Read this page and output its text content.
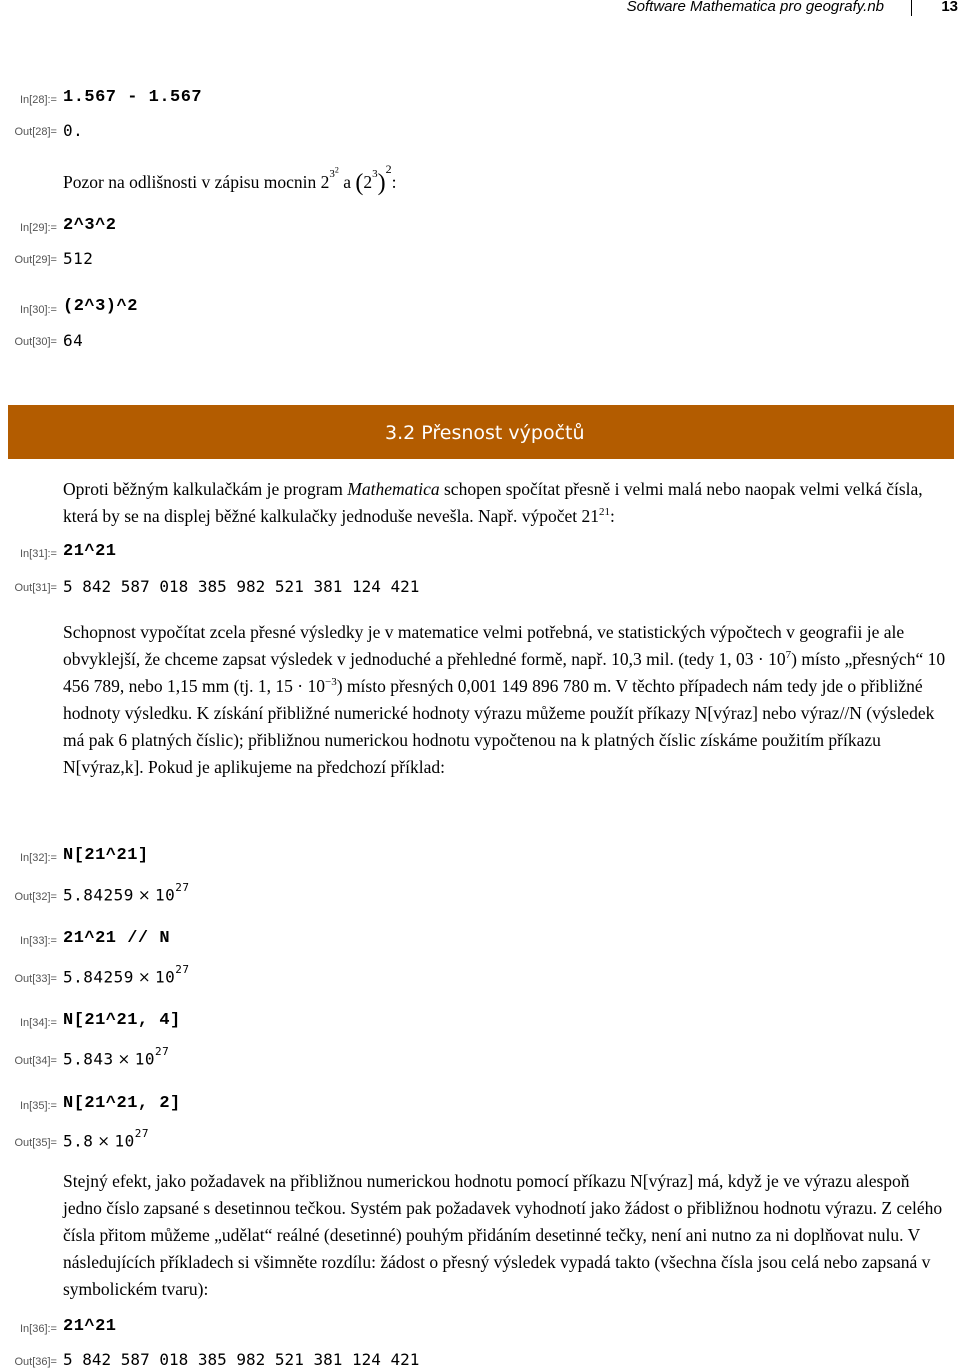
Software Mathematica pro geografy.nb	13
In[28]:= 1.567 - 1.567
Out[28]= 0.
Pozor na odlišnosti v zápisu mocnin $2^{3^2}$ a $(2^3)^2$:
In[29]:= 2^3^2
Out[29]= 512
In[30]:= (2^3)^2
Out[30]= 64
3.2 Přesnost výpočtů
Oproti běžným kalkulačkám je program Mathematica schopen spočítat přesně i velmi malá nebo naopak velmi velká čísla, která by se na displej běžné kalkulačky jednoduše nevešla. Např. výpočet $21^{21}$:
In[31]:= 21^21
Out[31]= 5 842 587 018 385 982 521 381 124 421
Schopnost vypočítat zcela přesné výsledky je v matematice velmi potřebná, ve statistických výpočtech v geografii je ale obvyklejší, že chceme zapsat výsledek v jednoduché a přehledné formě, např. 10,3 mil. (tedy 1, $03 \cdot 10^7$) místo „přesných“ 10 456 789, nebo 1,15 mm (tj. 1, $15 \cdot 10^{-3}$) místo přesných 0,001 149 896 780 m. V těchto případech nám tedy jde o přibližné hodnoty výsledku. K získání přibližné numerické hodnoty výrazu můžeme použít příkazy N[výraz] nebo výraz//N (výsledek má pak 6 platných číslic); přibližnou numerickou hodnotu vypočtenou na k platných číslic získáme použitím příkazu N[výraz,k]. Pokud je aplikujeme na předchozí příklad:
In[32]:= N[21^21]
$Out[32]= 5.84259 \times 10^{27}$
In[33]:= 21^21 // N
$Out[33]= 5.84259 \times 10^{27}$
In[34]:= N[21^21, 4]
$Out[34]= 5.843 \times 10^{27}$
In[35]:= N[21^21, 2]
$Out[35]= 5.8 \times 10^{27}$
Stejný efekt, jako požadavek na přibližnou numerickou hodnotu pomocí příkazu N[výraz] má, když je ve výrazu alespoň jedno číslo zapsané s desetinnou tečkou. Systém pak požadavek vyhodnotí jako žádost o přibližnou hodnotu výrazu. Z celého čísla přitom můžeme „udělat“ reálné (desetinné) pouhým přidáním desetinné tečky, není ani nutno za ni doplňovat nulu. V následujících příkladech si všimněte rozdílu: žádost o přesný výsledek vypadá takto (všechna čísla jsou celá nebo zapsaná v symbolickém tvaru):
In[36]:= 21^21
Out[36]= 5 842 587 018 385 982 521 381 124 421
